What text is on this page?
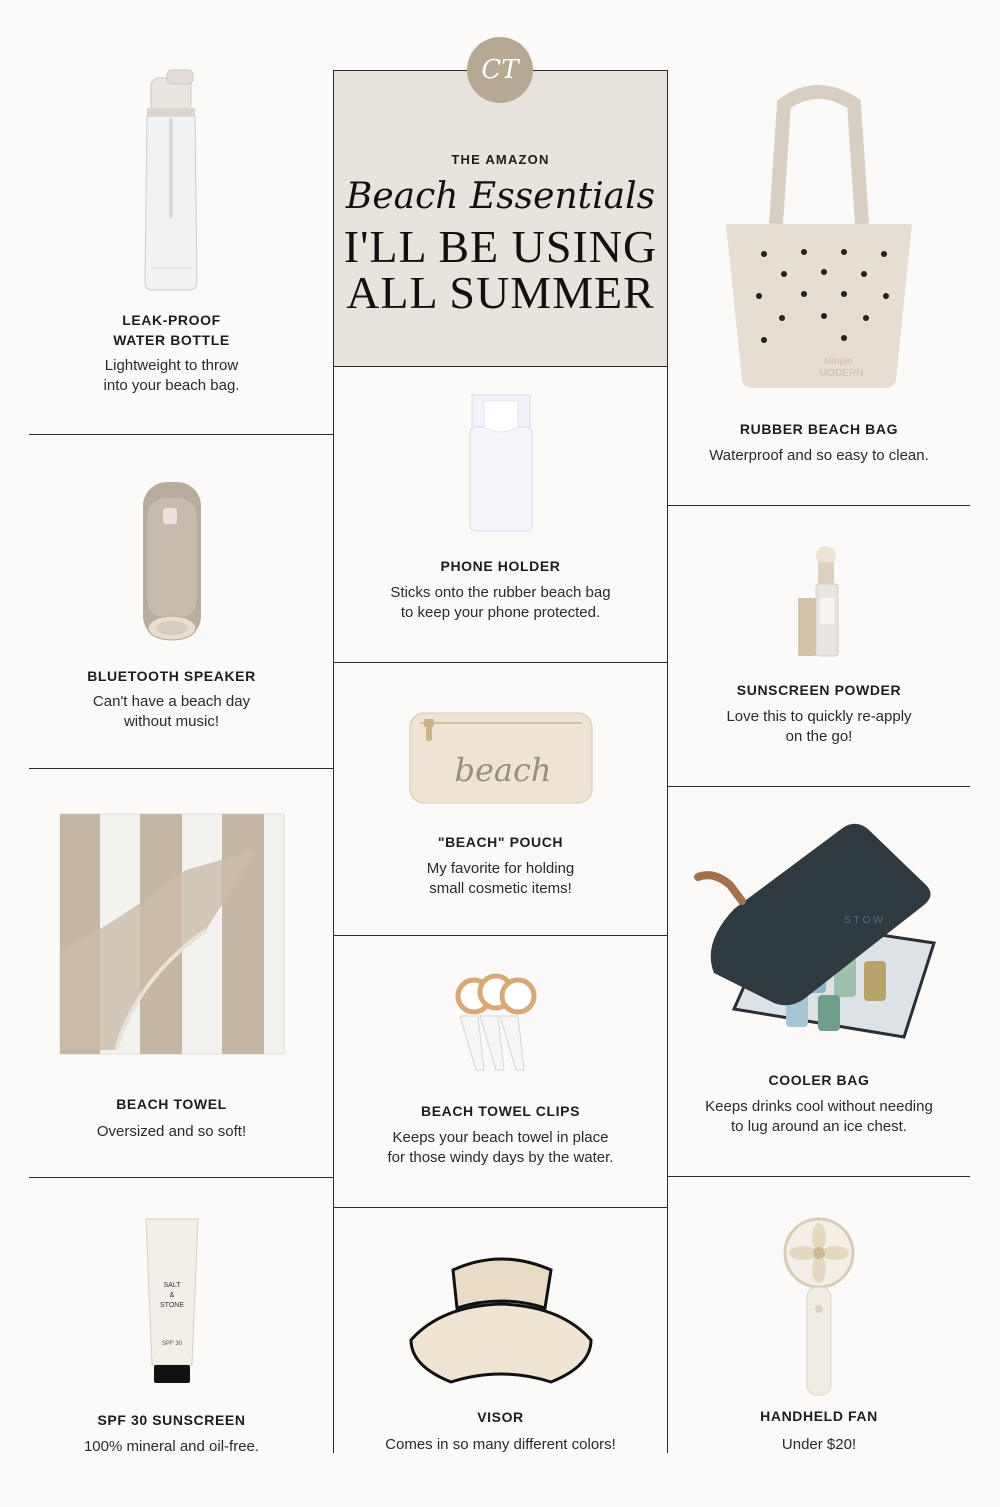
CT
THE AMAZON
Beach Essentials
I'LL BE USING
ALL SUMMER
LEAK-PROOF
WATER BOTTLE
Lightweight to throw
into your beach bag.
BLUETOOTH SPEAKER
Can't have a beach day
without music!
BEACH TOWEL
Oversized and so soft!
SALT
&
STONE
SPF 30
SPF 30 SUNSCREEN
100% mineral and oil-free.
PHONE HOLDER
Sticks onto the rubber beach bag
to keep your phone protected.
beach
"BEACH" POUCH
My favorite for holding
small cosmetic items!
BEACH TOWEL CLIPS
Keeps your beach towel in place
for those windy days by the water.
VISOR
Comes in so many different colors!
simple
MODERN
RUBBER BEACH BAG
Waterproof and so easy to clean.
SUNSCREEN POWDER
Love this to quickly re-apply
on the go!
STOW
COOLER BAG
Keeps drinks cool without needing
to lug around an ice chest.
HANDHELD FAN
Under $20!
